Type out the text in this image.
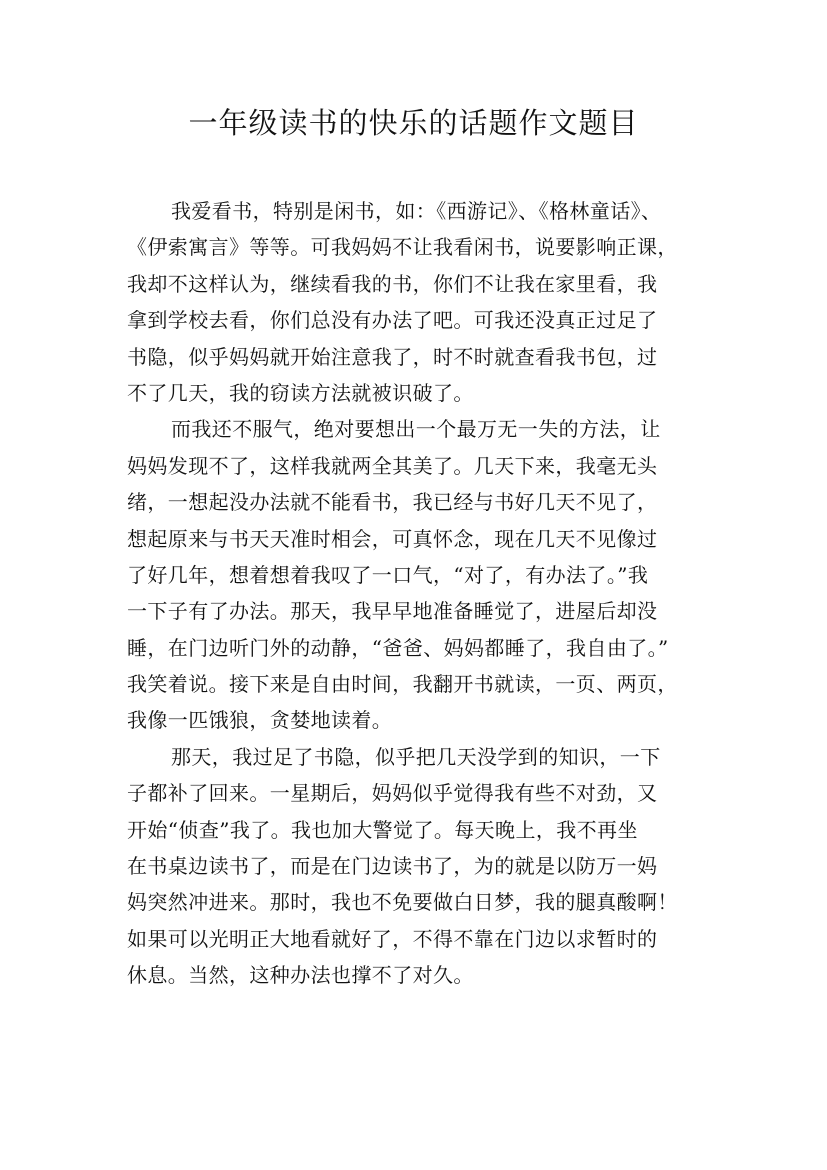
一年级读书的快乐的话题作文题目
我爱看书，特别是闲书，如：《西游记》、《格林童话》、
《伊索寓言》等等。可我妈妈不让我看闲书，说要影响正课，
我却不这样认为，继续看我的书，你们不让我在家里看，我
拿到学校去看，你们总没有办法了吧。可我还没真正过足了
书隐，似乎妈妈就开始注意我了，时不时就查看我书包，过
不了几天，我的窃读方法就被识破了。
而我还不服气，绝对要想出一个最万无一失的方法，让
妈妈发现不了，这样我就两全其美了。几天下来，我毫无头
绪，一想起没办法就不能看书，我已经与书好几天不见了，
想起原来与书天天准时相会，可真怀念，现在几天不见像过
了好几年，想着想着我叹了一口气，“对了，有办法了。”我
一下子有了办法。那天，我早早地准备睡觉了，进屋后却没
睡，在门边听门外的动静，“爸爸、妈妈都睡了，我自由了。”
我笑着说。接下来是自由时间，我翻开书就读，一页、两页，
我像一匹饿狼，贪婪地读着。
那天，我过足了书隐，似乎把几天没学到的知识，一下
子都补了回来。一星期后，妈妈似乎觉得我有些不对劲，又
开始“侦查”我了。我也加大警觉了。每天晚上，我不再坐
在书桌边读书了，而是在门边读书了，为的就是以防万一妈
妈突然冲进来。那时，我也不免要做白日梦，我的腿真酸啊！
如果可以光明正大地看就好了，不得不靠在门边以求暂时的
休息。当然，这种办法也撑不了对久。
